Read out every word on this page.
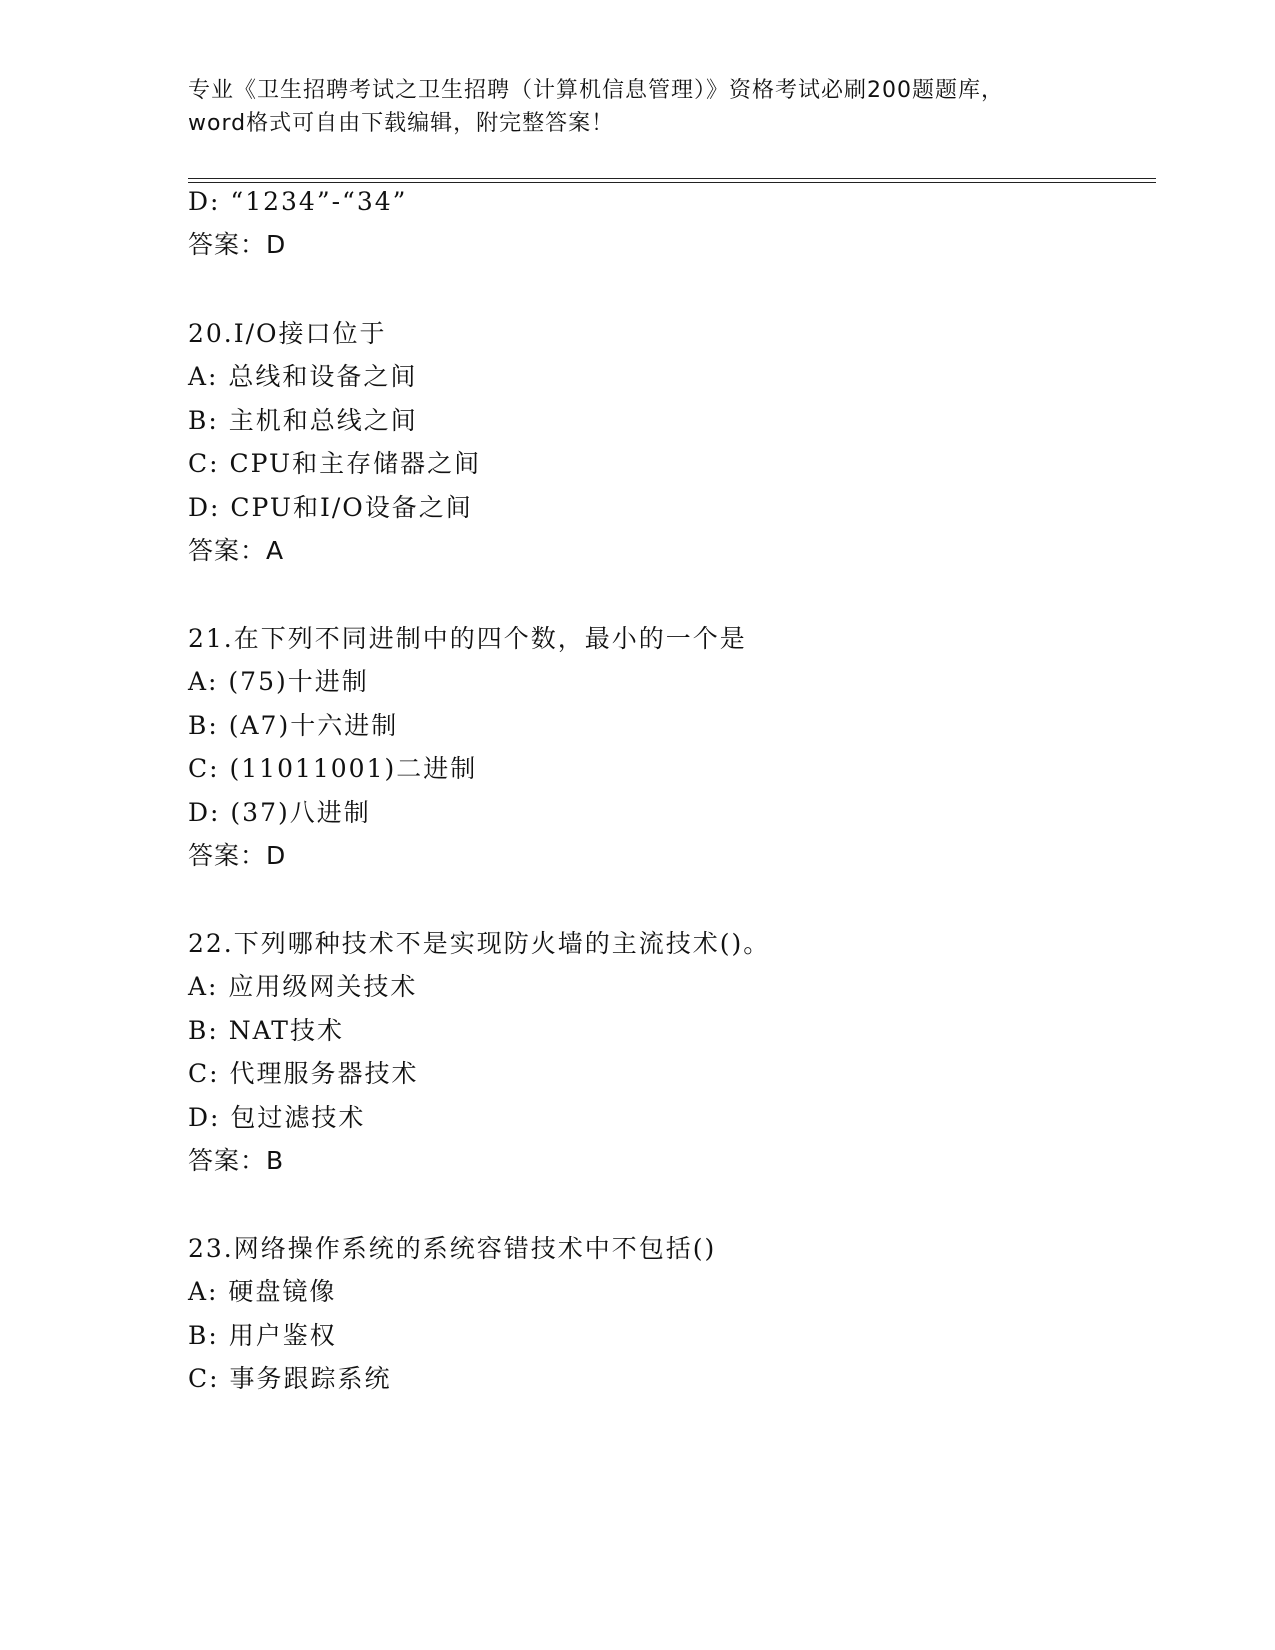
专业《卫生招聘考试之卫生招聘（计算机信息管理）》资格考试必刷200题题库，
word格式可自由下载编辑，附完整答案！
D: “1234”-“34”
答案：D
20.I/O接口位于
A: 总线和设备之间
B: 主机和总线之间
C: CPU和主存储器之间
D: CPU和I/O设备之间
答案：A
21.在下列不同进制中的四个数，最小的一个是
A: (75)十进制
B: (A7)十六进制
C: (11011001)二进制
D: (37)八进制
答案：D
22.下列哪种技术不是实现防火墙的主流技术()。
A: 应用级网关技术
B: NAT技术
C: 代理服务器技术
D: 包过滤技术
答案：B
23.网络操作系统的系统容错技术中不包括()
A: 硬盘镜像
B: 用户鉴权
C: 事务跟踪系统
